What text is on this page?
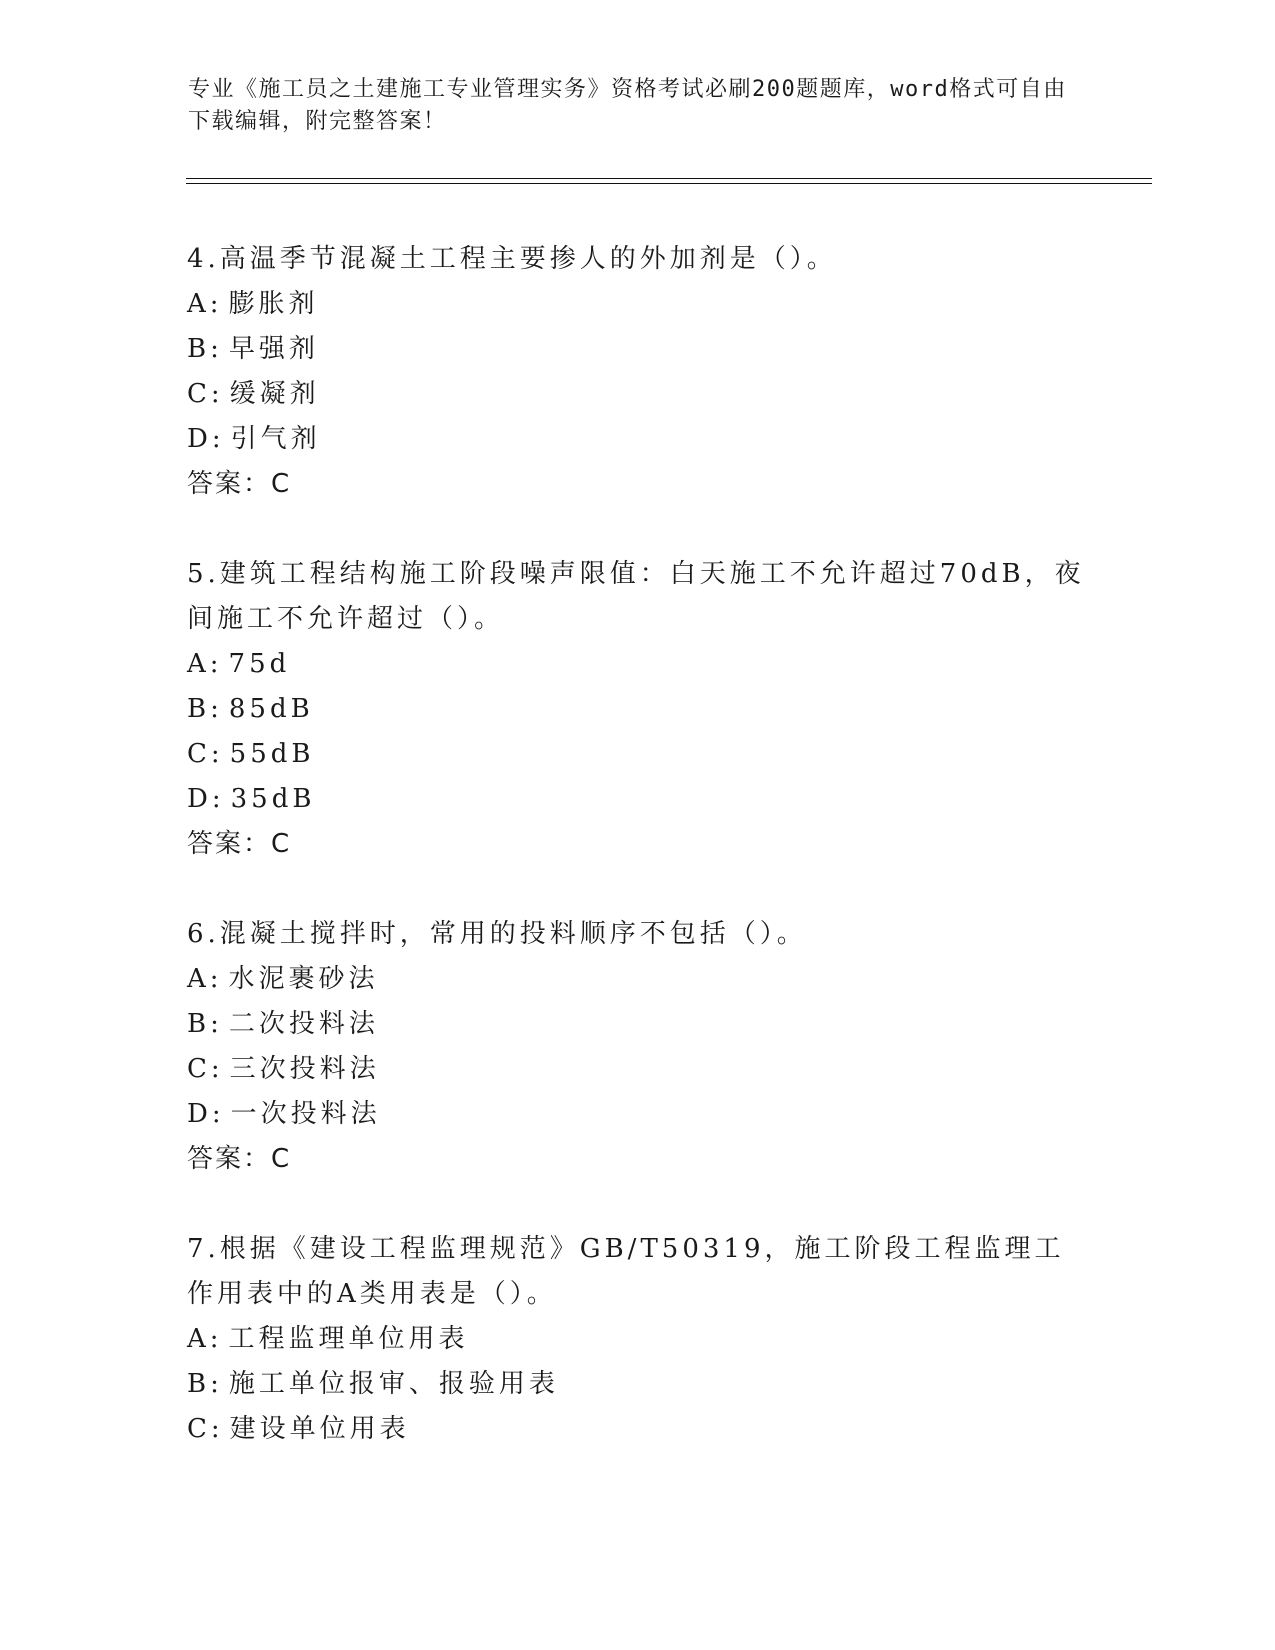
专业《施工员之土建施工专业管理实务》资格考试必刷200题题库，word格式可自由下载编辑，附完整答案！
4.高温季节混凝土工程主要掺人的外加剂是（）。
A: 膨胀剂
B: 早强剂
C: 缓凝剂
D: 引气剂
答案：C
5.建筑工程结构施工阶段噪声限值：白天施工不允许超过70dB，夜间施工不允许超过（）。
A: 75d
B: 85dB
C: 55dB
D: 35dB
答案：C
6.混凝土搅拌时，常用的投料顺序不包括（）。
A: 水泥裹砂法
B: 二次投料法
C: 三次投料法
D: 一次投料法
答案：C
7.根据《建设工程监理规范》GB/T50319，施工阶段工程监理工作用表中的A类用表是（）。
A: 工程监理单位用表
B: 施工单位报审、报验用表
C: 建设单位用表
